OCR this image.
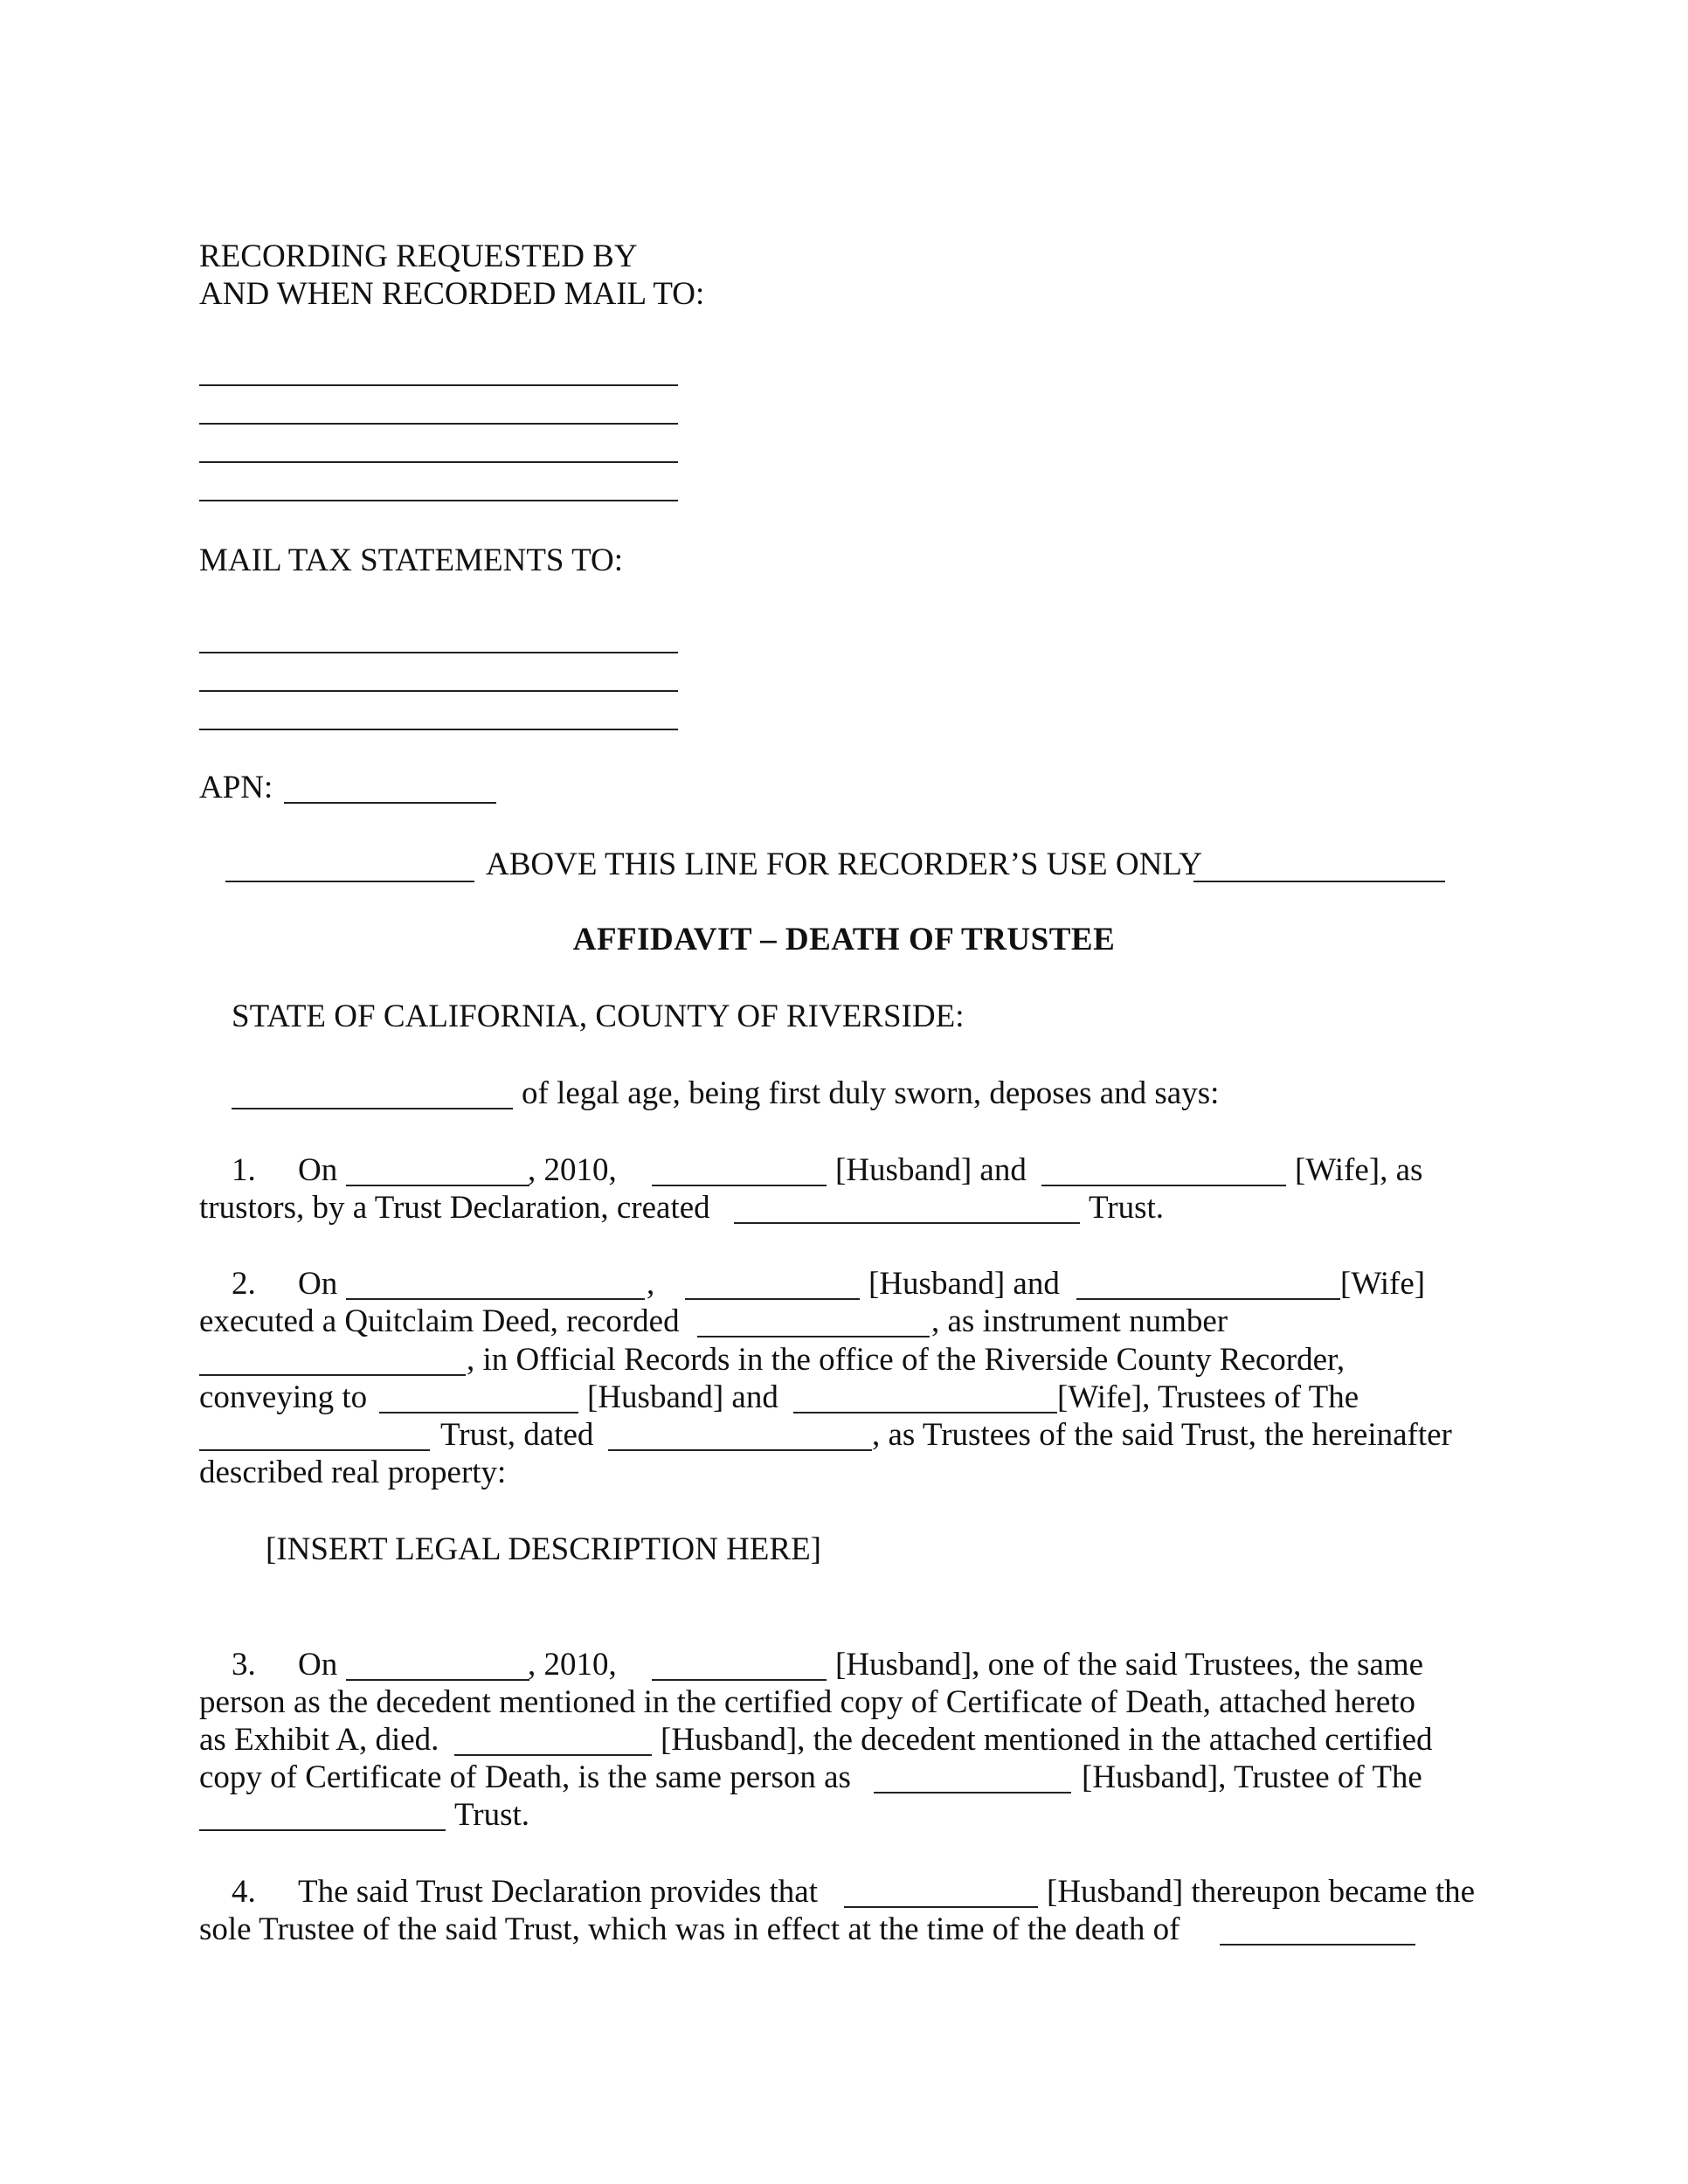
RECORDING REQUESTED BY
AND WHEN RECORDED MAIL TO:
MAIL TAX STATEMENTS TO:
APN:
ABOVE THIS LINE FOR RECORDER’S USE ONLY
AFFIDAVIT – DEATH OF TRUSTEE
STATE OF CALIFORNIA, COUNTY OF RIVERSIDE:
of legal age, being first duly sworn, deposes and says:
1. On	, 2010,	[Husband] and	[Wife], as
trustors, by a Trust Declaration, created	Trust.
2. On	,	[Husband] and	[Wife]
executed a Quitclaim Deed, recorded	, as instrument number
, in Official Records in the office of the Riverside County Recorder,
conveying to	[Husband] and	[Wife], Trustees of The
Trust, dated	, as Trustees of the said Trust, the hereinafter
described real property:
[INSERT LEGAL DESCRIPTION HERE]
3. On	, 2010,	[Husband], one of the said Trustees, the same
person as the decedent mentioned in the certified copy of Certificate of Death, attached hereto
as Exhibit A, died.	[Husband], the decedent mentioned in the attached certified
copy of Certificate of Death, is the same person as	[Husband], Trustee of The
Trust.
4. The said Trust Declaration provides that	[Husband] thereupon became the
sole Trustee of the said Trust, which was in effect at the time of the death of
